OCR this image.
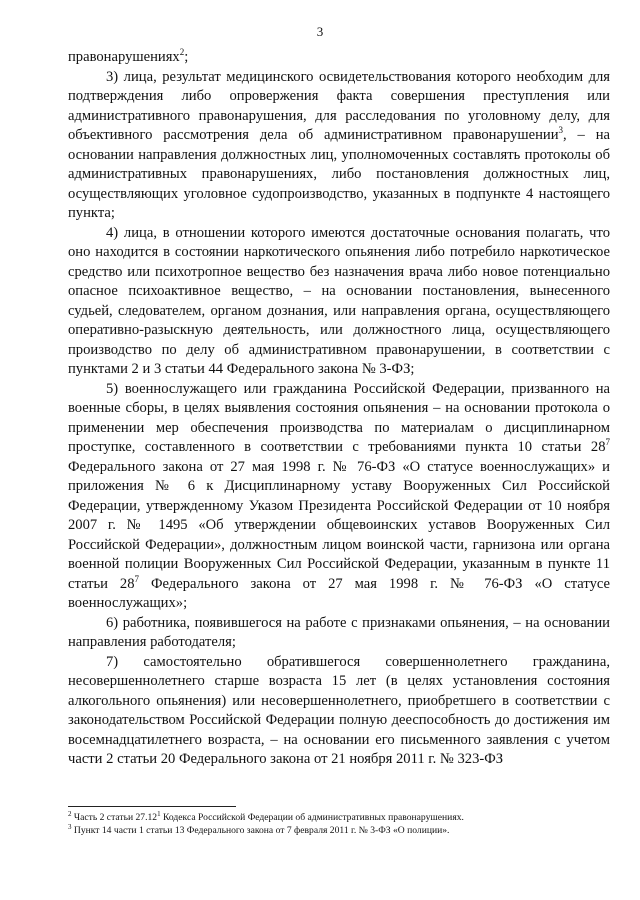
3

правонарушениях$^2$;

3) лица, результат медицинского освидетельствования которого необходим для подтверждения либо опровержения факта совершения преступления или административного правонарушения, для расследования по уголовному делу, для объективного рассмотрения дела об административном правонарушении$^3$, – на основании направления должностных лиц, уполномоченных составлять протоколы об административных правонарушениях, либо постановления должностных лиц, осуществляющих уголовное судопроизводство, указанных в подпункте 4 настоящего пункта;

4) лица, в отношении которого имеются достаточные основания полагать, что оно находится в состоянии наркотического опьянения либо потребило наркотическое средство или психотропное вещество без назначения врача либо новое потенциально опасное психоактивное вещество, – на основании постановления, вынесенного судьей, следователем, органом дознания, или направления органа, осуществляющего оперативно-разыскную деятельность, или должностного лица, осуществляющего производство по делу об административном правонарушении, в соответствии с пунктами 2 и 3 статьи 44 Федерального закона № 3-ФЗ;

5) военнослужащего или гражданина Российской Федерации, призванного на военные сборы, в целях выявления состояния опьянения – на основании протокола о применении мер обеспечения производства по материалам о дисциплинарном проступке, составленного в соответствии с требованиями пункта 10 статьи $28^7$ Федерального закона от 27 мая 1998 г. № 76-ФЗ «О статусе военнослужащих» и приложения № 6 к Дисциплинарному уставу Вооруженных Сил Российской Федерации, утвержденному Указом Президента Российской Федерации от 10 ноября 2007 г. № 1495 «Об утверждении общевоинских уставов Вооруженных Сил Российской Федерации», должностным лицом воинской части, гарнизона или органа военной полиции Вооруженных Сил Российской Федерации, указанным в пункте 11 статьи $28^7$ Федерального закона от 27 мая 1998 г. № 76-ФЗ «О статусе военнослужащих»;

6) работника, появившегося на работе с признаками опьянения, – на основании направления работодателя;

7) самостоятельно обратившегося совершеннолетнего гражданина, несовершеннолетнего старше возраста 15 лет (в целях установления состояния алкогольного опьянения) или несовершеннолетнего, приобретшего в соответствии с законодательством Российской Федерации полную дееспособность до достижения им восемнадцатилетнего возраста, – на основании его письменного заявления с учетом части 2 статьи 20 Федерального закона от 21 ноября 2011 г. № 323-ФЗ

$^2$ Часть 2 статьи 27.12$^1$ Кодекса Российской Федерации об административных правонарушениях.

$^3$ Пункт 14 части 1 статьи 13 Федерального закона от 7 февраля 2011 г. № 3-ФЗ «О полиции».
